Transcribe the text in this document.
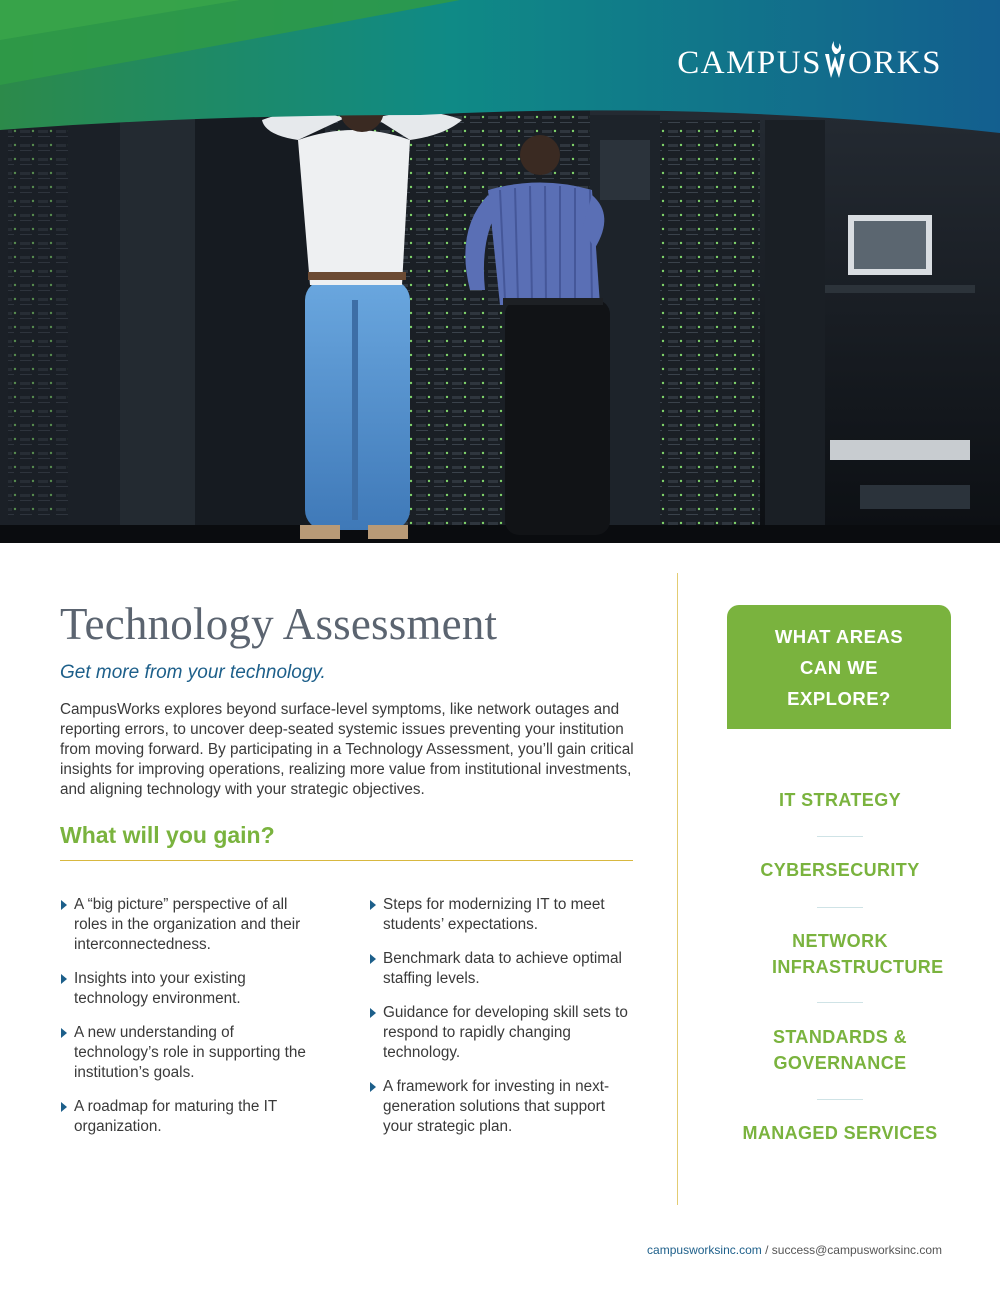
CAMPUS ORKS
Technology Assessment

Get more from your technology.

CampusWorks explores beyond surface-level symptoms, like network outages and reporting errors, to uncover deep-seated systemic issues preventing your institution from moving forward. By participating in a Technology Assessment, you’ll gain critical insights for improving operations, realizing more value from institutional investments, and aligning technology with your strategic objectives.

What will you gain?
A “big picture” perspective of all roles in the organization and their interconnectedness.
Insights into your existing technology environment.
A new understanding of technology’s role in supporting the institution’s goals.
A roadmap for maturing the IT organization.
Steps for modernizing IT to meet students’ expectations.
Benchmark data to achieve optimal staffing levels.
Guidance for developing skill sets to respond to rapidly changing technology.
A framework for investing in next-generation solutions that support your strategic plan.
WHAT AREAS CAN WE EXPLORE?
IT STRATEGY
CYBERSECURITY
NETWORK INFRASTRUCTURE
STANDARDS & GOVERNANCE
MANAGED SERVICES
campusworksinc.com / success@campusworksinc.com
